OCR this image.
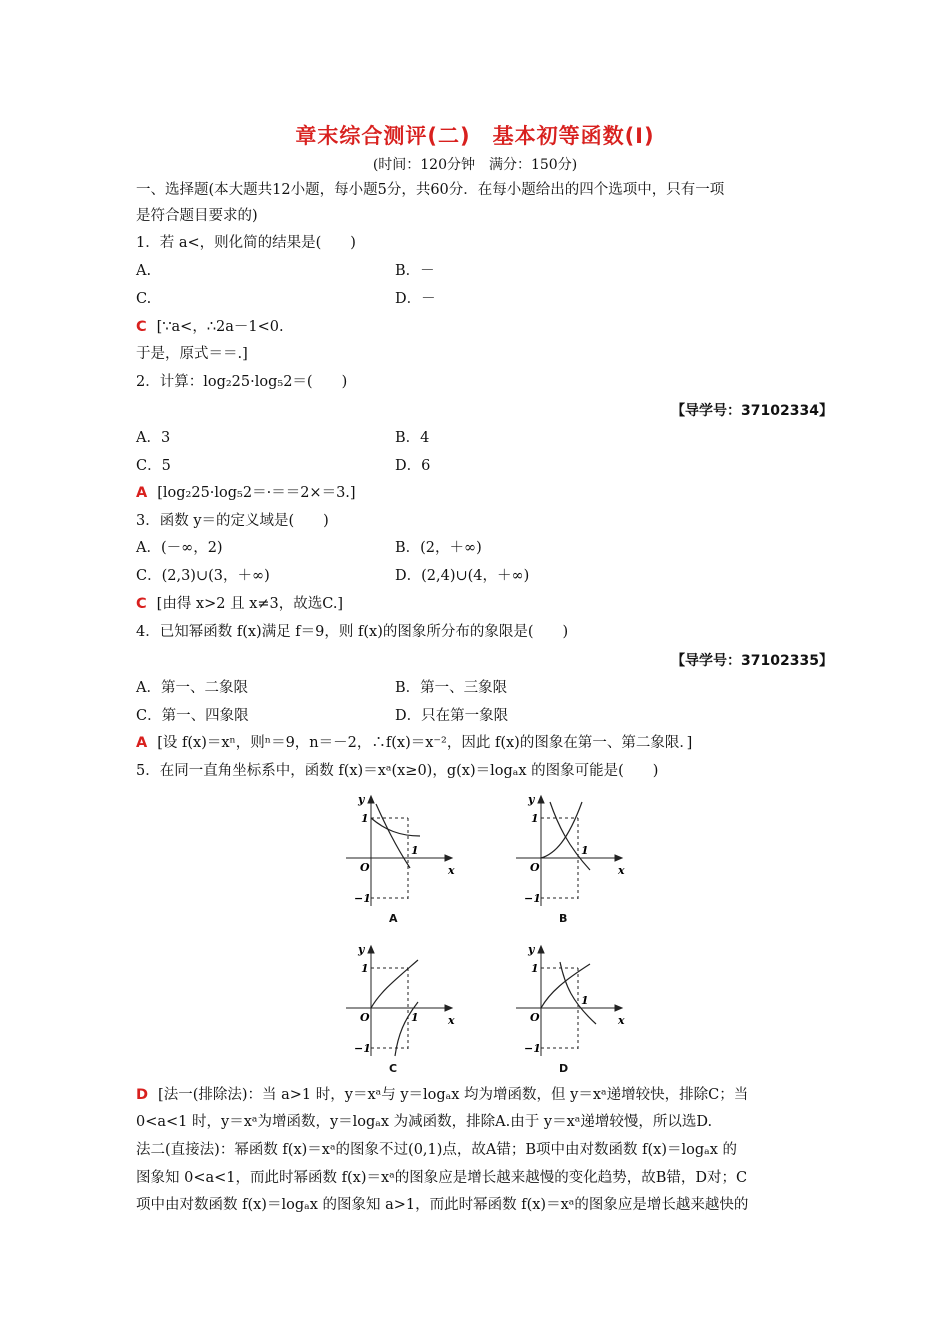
章末综合测评(二)　基本初等函数(Ⅰ)
(时间：120分钟　满分：150分)
一、选择题(本大题共12小题，每小题5分，共60分．在每小题给出的四个选项中，只有一项
是符合题目要求的)
1．若 a<，则化简的结果是(　　)
A.	B．－
C.	D．－
C [∵a<，∴2a－1<0.
于是，原式＝＝.]
2．计算：log₂25·log₅2＝(　　)
【导学号：37102334】
A．3	B．4
C．5	D．6
A [log₂25·log₅2＝·＝＝2×＝3.]
3．函数 y＝的定义域是(　　)
A．(－∞，2)	B．(2，＋∞)
C．(2,3)∪(3，＋∞)	D．(2,4)∪(4，＋∞)
C [由得 x>2 且 x≠3，故选C.]
4．已知幂函数 f(x)满足 f＝9，则 f(x)的图象所分布的象限是(　　)
【导学号：37102335】
A．第一、二象限	B．第一、三象限
C．第一、四象限	D．只在第一象限
A [设 f(x)＝xⁿ，则ⁿ＝9，n＝－2，∴f(x)＝x⁻²，因此 f(x)的图象在第一、第二象限．]
5．在同一直角坐标系中，函数 f(x)＝xᵃ(x≥0)，g(x)＝logₐx 的图象可能是(　　)
y
x
O
1
1
−1
A
y
x
O
1
1
−1
B
y
x
O
1
1
−1
C
y
x
O
1
1
−1
D
D [法一(排除法)：当 a>1 时，y＝xᵃ与 y＝logₐx 均为增函数，但 y＝xᵃ递增较快，排除C；当
0<a<1 时，y＝xᵃ为增函数，y＝logₐx 为减函数，排除A.由于 y＝xᵃ递增较慢，所以选D.
法二(直接法)：幂函数 f(x)＝xᵃ的图象不过(0,1)点，故A错；B项中由对数函数 f(x)＝logₐx 的
图象知 0<a<1，而此时幂函数 f(x)＝xᵃ的图象应是增长越来越慢的变化趋势，故B错，D对；C
项中由对数函数 f(x)＝logₐx 的图象知 a>1，而此时幂函数 f(x)＝xᵃ的图象应是增长越来越快的
